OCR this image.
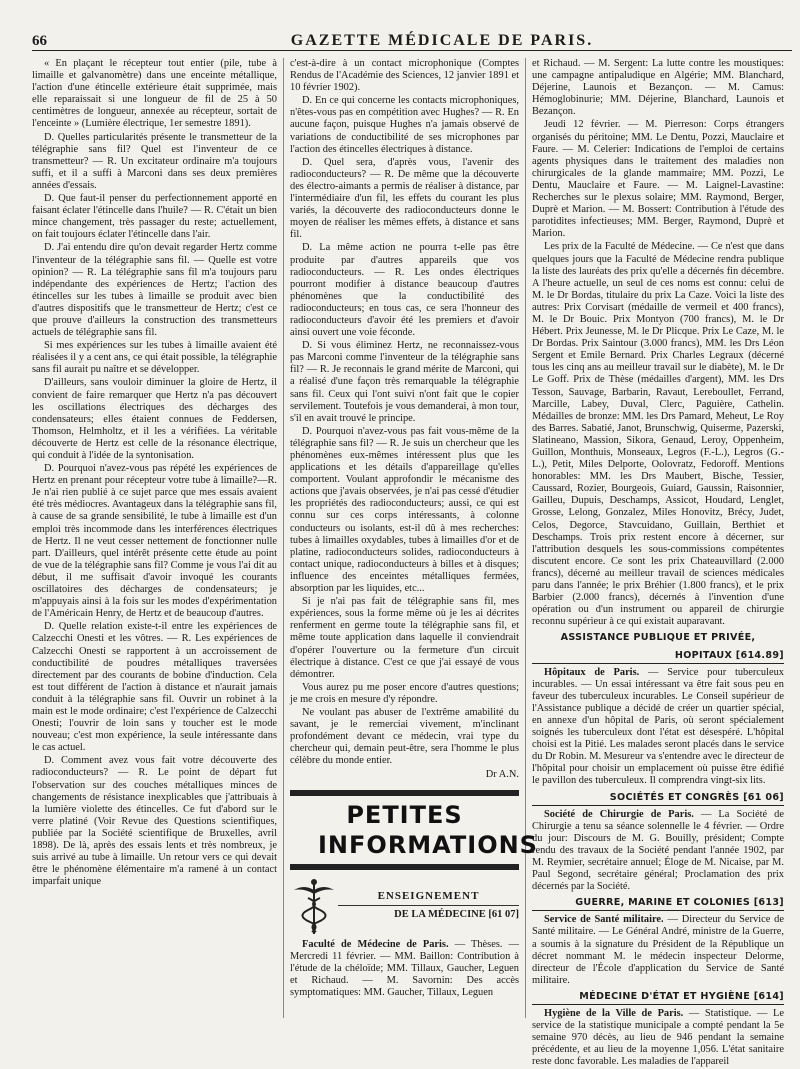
66	GAZETTE MÉDICALE DE PARIS.

« En plaçant le récepteur tout entier (pile, tube à limaille et galvanomètre) dans une enceinte métallique, l'action d'une étincelle extérieure était supprimée, mais elle reparaissait si une longueur de fil de 25 à 50 centimètres de longueur, annexée au récepteur, sortait de l'enceinte » (Lumière électrique, 1er semestre 1891).

D. Quelles particularités présente le transmetteur de la télégraphie sans fil? Quel est l'inventeur de ce transmetteur? — R. Un excitateur ordinaire m'a toujours suffi, et il a suffi à Marconi dans ses deux premières années d'essais.

D. Que faut-il penser du perfectionnement apporté en faisant éclater l'étincelle dans l'huile? — R. C'était un bien mince changement, très passager du reste; actuellement, on fait toujours éclater l'étincelle dans l'air.

D. J'ai entendu dire qu'on devait regarder Hertz comme l'inventeur de la télégraphie sans fil. — Quelle est votre opinion? — R. La télégraphie sans fil m'a toujours paru indépendante des expériences de Hertz; l'action des étincelles sur les tubes à limaille se produit avec bien d'autres dispositifs que le transmetteur de Hertz; c'est ce que prouve d'ailleurs la construction des transmetteurs actuels de télégraphie sans fil.

Si mes expériences sur les tubes à limaille avaient été réalisées il y a cent ans, ce qui était possible, la télégraphie sans fil aurait pu naître et se développer.

D'ailleurs, sans vouloir diminuer la gloire de Hertz, il convient de faire remarquer que Hertz n'a pas découvert les oscillations électriques des décharges des condensateurs; elles étaient connues de Feddersen, Thomson, Helmholtz, et il les a vérifiées. La véritable découverte de Hertz est celle de la résonance électrique, qui conduit à l'idée de la syntonisation.

D. Pourquoi n'avez-vous pas répété les expériences de Hertz en prenant pour récepteur votre tube à limaille?—R. Je n'ai rien publié à ce sujet parce que mes essais avaient été très médiocres. Avantageux dans la télégraphie sans fil, à cause de sa grande sensibilité, le tube à limaille est d'un emploi très incommode dans les interférences électriques de Hertz. Il ne veut cesser nettement de fonctionner nulle part. D'ailleurs, quel intérêt présente cette étude au point de vue de la télégraphie sans fil? Comme je vous l'ai dit au début, il me suffisait d'avoir invoqué les courants oscillatoires des décharges de condensateurs; je m'appuyais ainsi à la fois sur les modes d'expérimentation de l'Américain Henry, de Hertz et de beaucoup d'autres.

D. Quelle relation existe-t-il entre les expériences de Calzecchi Onesti et les vôtres. — R. Les expériences de Calzecchi Onesti se rapportent à un accroissement de conductibilité de poudres métalliques traversées directement par des courants de bobine d'induction. Cela est tout différent de l'action à distance et n'aurait jamais conduit à la télégraphie sans fil. Ouvrir un robinet à la main est le mode ordinaire; c'est l'expérience de Calzecchi Onesti; l'ouvrir de loin sans y toucher est le mode nouveau; c'est mon expérience, la seule intéressante dans le cas actuel.

D. Comment avez vous fait votre découverte des radioconducteurs? — R. Le point de départ fut l'observation sur des couches métalliques minces de changements de résistance inexplicables que j'attribuais à la lumière violette des étincelles. Ce fut d'abord sur le verre platiné (Voir Revue des Questions scientifiques, publiée par la Société scientifique de Bruxelles, avril 1898). De là, après des essais lents et très nombreux, je suis arrivé au tube à limaille. Un retour vers ce qui devait être le phénomène élémentaire m'a ramené à un contact imparfait unique

c'est-à-dire à un contact microphonique (Comptes Rendus de l'Académie des Sciences, 12 janvier 1891 et 10 février 1902).

D. En ce qui concerne les contacts microphoniques, n'êtes-vous pas en compétition avec Hughes? — R. En aucune façon, puisque Hughes n'a jamais observé de variations de conductibilité de ses microphones par l'action des étincelles électriques à distance.

D. Quel sera, d'après vous, l'avenir des radioconducteurs? — R. De même que la découverte des électro-aimants a permis de réaliser à distance, par l'intermédiaire d'un fil, les effets du courant les plus variés, la découverte des radioconducteurs donne le moyen de réaliser les mêmes effets, à distance et sans fil.

D. La même action ne pourra t-elle pas être produite par d'autres appareils que vos radioconducteurs. — R. Les ondes électriques pourront modifier à distance beaucoup d'autres phénomènes que la conductibilité des radioconducteurs; en tous cas, ce sera l'honneur des radioconducteurs d'avoir été les premiers et d'avoir ainsi ouvert une voie féconde.

D. Si vous éliminez Hertz, ne reconnaissez-vous pas Marconi comme l'inventeur de la télégraphie sans fil? — R. Je reconnais le grand mérite de Marconi, qui a réalisé d'une façon très remarquable la télégraphie sans fil. Ceux qui l'ont suivi n'ont fait que le copier servilement. Toutefois je vous demanderai, à mon tour, s'il en avait trouvé le principe.

D. Pourquoi n'avez-vous pas fait vous-même de la télégraphie sans fil? — R. Je suis un chercheur que les phénomènes eux-mêmes intéressent plus que les applications et les détails d'appareillage qu'elles comportent. Voulant approfondir le mécanisme des actions que j'avais observées, je n'ai pas cessé d'étudier les propriétés des radioconducteurs; aussi, ce qui est connu sur ces corps intéressants, à colonne conducteurs ou isolants, est-il dû à mes recherches: tubes à limailles oxydables, tubes à limailles d'or et de platine, radioconducteurs solides, radioconducteurs à contact unique, radioconducteurs à billes et à disques; influence des enceintes métalliques fermées, absorption par les liquides, etc...

Si je n'ai pas fait de télégraphie sans fil, mes expériences, sous la forme même où je les ai décrites renferment en germe toute la télégraphie sans fil, et même toute application dans laquelle il conviendrait d'opérer l'ouverture ou la fermeture d'un circuit électrique à distance. C'est ce que j'ai essayé de vous démontrer.

Vous aurez pu me poser encore d'autres questions; je me crois en mesure d'y répondre.

Ne voulant pas abuser de l'extrême amabilité du savant, je le remerciai vivement, m'inclinant profondément devant ce médecin, vrai type du chercheur qui, demain peut-être, sera l'homme le plus célèbre du monde entier.

Dr A.N.
PETITES
INFORMATIONS
ENSEIGNEMENT
DE LA MÉDECINE [61 07]

Faculté de Médecine de Paris. — Thèses. — Mercredi 11 février. — MM. Baillon: Contribution à l'étude de la chéloïde; MM. Tillaux, Gaucher, Leguen et Richaud. — M. Savornin: Des accès symptomatiques: MM. Gaucher, Tillaux, Leguen

et Richaud. — M. Sergent: La lutte contre les moustiques: une campagne antipaludique en Algérie; MM. Blanchard, Déjerine, Launois et Bezançon. — M. Camus: Hémoglobinurie; MM. Déjerine, Blanchard, Launois et Bezançon.

Jeudi 12 février. — M. Pierreson: Corps étrangers organisés du péritoine; MM. Le Dentu, Pozzi, Mauclaire et Faure. — M. Celerier: Indications de l'emploi de certains agents physiques dans le traitement des maladies non chirurgicales de la glande mammaire; MM. Pozzi, Le Dentu, Mauclaire et Faure. — M. Laignel-Lavastine: Recherches sur le plexus solaire; MM. Raymond, Berger, Duprè et Marion. — M. Bossert: Contribution à l'étude des parotidites infectieuses; MM. Berger, Raymond, Duprè et Marion.

Les prix de la Faculté de Médecine. — Ce n'est que dans quelques jours que la Faculté de Médecine rendra publique la liste des lauréats des prix qu'elle a décernés fin décembre. A l'heure actuelle, un seul de ces noms est connu: celui de M. le Dr Bordas, titulaire du prix La Caze. Voici la liste des autres: Prix Corvisart (médaille de vermeil et 400 francs), M. le Dr Bouic. Prix Montyon (700 francs), M. le Dr Hébert. Prix Jeunesse, M. le Dr Plicque. Prix Le Caze, M. le Dr Bordas. Prix Saintour (3.000 francs), MM. les Drs Léon Sergent et Emile Bernard. Prix Charles Legraux (décerné tous les cinq ans au meilleur travail sur le diabète), M. le Dr Le Goff. Prix de Thèse (médailles d'argent), MM. les Drs Tesson, Sauvage, Barbarin, Ravaut, Lereboullet, Ferrand, Marcille, Labey, Duval, Clerc, Paguière, Cathelin. Médailles de bronze: MM. les Drs Pamard, Meheut, Le Roy des Barres. Sabatié, Janot, Brunschwig, Quiserme, Pazerski, Slatineano, Massion, Sikora, Genaud, Leroy, Oppenheim, Guillon, Monthuis, Monseaux, Legros (F.-L.), Legros (G.-L.), Petit, Miles Delporte, Oolovratz, Fedoroff. Mentions honorables: MM. les Drs Maubert, Bische, Tessier, Caussard, Rozier, Bourgeois, Guiard, Gaussin, Raisonnier, Gailleu, Dupuis, Deschamps, Assicot, Houdard, Lenglet, Grosse, Lelong, Gonzalez, Miles Honovitz, Brécy, Judet, Celos, Degorce, Stavcuidano, Guillain, Berthiet et Deschamps. Trois prix restent encore à décerner, sur l'attribution desquels les sous-commissions compétentes discutent encore. Ce sont les prix Chateauvillard (2.000 francs), décerné au meilleur travail de sciences médicales paru dans l'année; le prix Bréhier (1.800 francs), et le prix Barbier (2.000 francs), décernés à l'invention d'une opération ou d'un instrument ou appareil de chirurgie reconnu supérieur à ce qui existait auparavant.

ASSISTANCE PUBLIQUE ET PRIVÉE,
HOPITAUX [614.89]

Hôpitaux de Paris. — Service pour tuberculeux incurables. — Un essai intéressant va être fait sous peu en faveur des tuberculeux incurables. Le Conseil supérieur de l'Assistance publique a décidé de créer un quartier spécial, en annexe d'un hôpital de Paris, où seront spécialement soignés les tuberculeux dont l'état est désespéré. L'hôpital choisi est la Pitié. Les malades seront placés dans le service du Dr Robin. M. Mesureur va s'entendre avec le directeur de l'hôpital pour choisir un emplacement où puisse être édifié le pavillon des tuberculeux. Il comprendra vingt-six lits.

SOCIÉTÉS ET CONGRÈS [61 06]

Société de Chirurgie de Paris. — La Société de Chirurgie a tenu sa séance solennelle le 4 février. — Ordre du jour: Discours de M. G. Bouilly, président; Compte rendu des travaux de la Société pendant l'année 1902, par M. Reymier, secrétaire annuel; Éloge de M. Nicaise, par M. Paul Segond, secrétaire général; Proclamation des prix décernés par la Société.

GUERRE, MARINE ET COLONIES [613]

Service de Santé militaire. — Directeur du Service de Santé militaire. — Le Général André, ministre de la Guerre, a soumis à la signature du Président de la République un décret nommant M. le médecin inspecteur Delorme, directeur de l'École d'application du Service de Santé militaire.

MÉDECINE D'ÉTAT ET HYGIÈNE [614]

Hygiène de la Ville de Paris. — Statistique. — Le service de la statistique municipale a compté pendant la 5e semaine 970 décès, au lieu de 946 pendant la semaine précédente, et au lieu de la moyenne 1,056. L'état sanitaire reste donc favorable. Les maladies de l'appareil
